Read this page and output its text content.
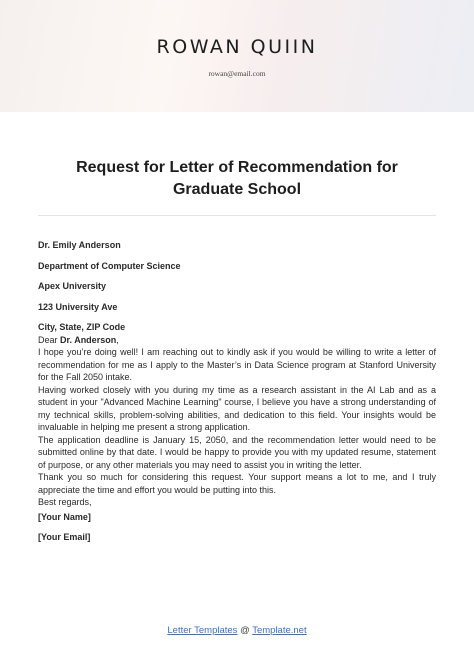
ROWAN QUIIN
rowan@email.com
Request for Letter of Recommendation for Graduate School

Dr. Emily Anderson

Department of Computer Science

Apex University

123 University Ave

City, State, ZIP Code

Dear Dr. Anderson,

I hope you’re doing well! I am reaching out to kindly ask if you would be willing to write a letter of recommendation for me as I apply to the Master’s in Data Science program at Stanford University for the Fall 2050 intake.

Having worked closely with you during my time as a research assistant in the AI Lab and as a student in your "Advanced Machine Learning" course, I believe you have a strong understanding of my technical skills, problem-solving abilities, and dedication to this field. Your insights would be invaluable in helping me present a strong application.

The application deadline is January 15, 2050, and the recommendation letter would need to be submitted online by that date. I would be happy to provide you with my updated resume, statement of purpose, or any other materials you may need to assist you in writing the letter.

Thank you so much for considering this request. Your support means a lot to me, and I truly appreciate the time and effort you would be putting into this.

Best regards,

[Your Name]

[Your Email]

Letter Templates @ Template.net
